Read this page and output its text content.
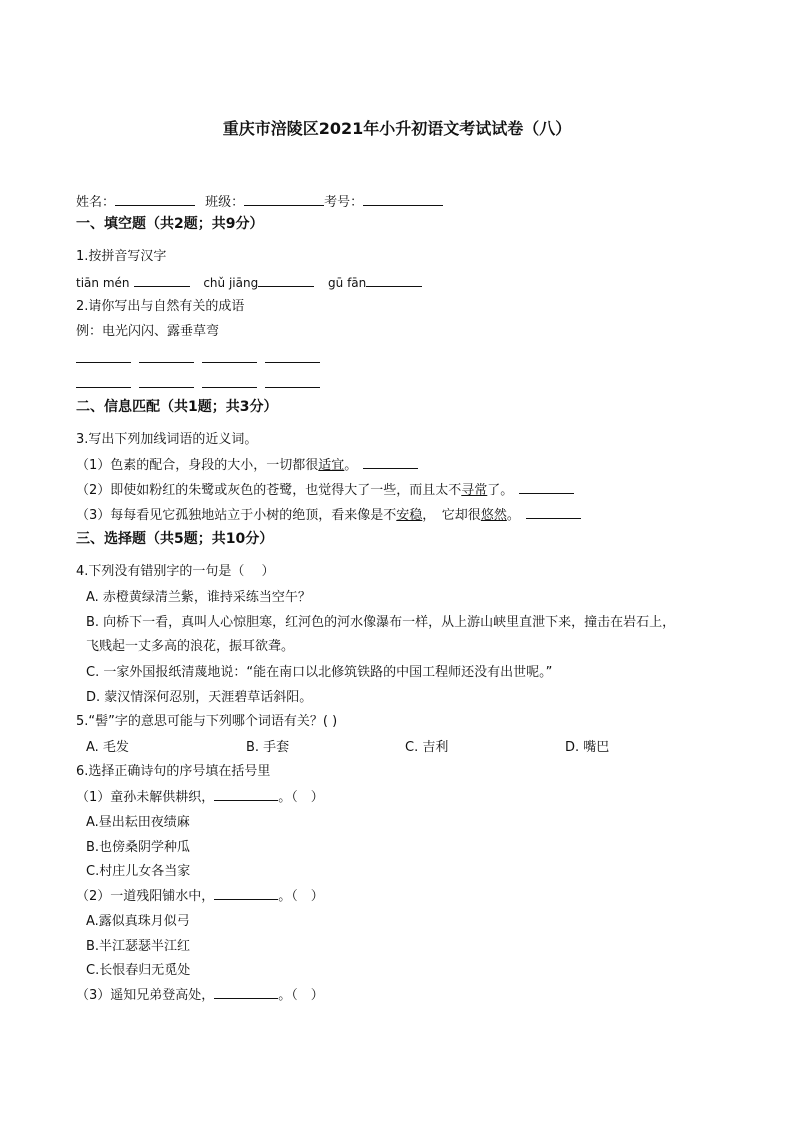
重庆市涪陵区2021年小升初语文考试试卷（八）
姓名：	班级：	考号：
一、填空题（共2题；共9分）
1.按拼音写汉字
tiān mén	chǔ jiāng	gū fān
2.请你写出与自然有关的成语
例：电光闪闪、露垂草弯
二、信息匹配（共1题；共3分）
3.写出下列加线词语的近义词。
（1）色素的配合，身段的大小，一切都很适宜。
（2）即使如粉红的朱鹭或灰色的苍鹭，也觉得大了一些，而且太不寻常了。
（3）每每看见它孤独地站立于小树的绝顶，看来像是不安稳，　它却很悠然。
三、选择题（共5题；共10分）
4.下列没有错别字的一句是（　 ）
A. 赤橙黄绿清兰紫，谁持采练当空午？
B. 向桥下一看，真叫人心惊胆寒，红河色的河水像瀑布一样，从上游山峡里直泄下来，撞击在岩石上，
飞贱起一丈多高的浪花，振耳欲聋。
C. 一家外国报纸清蔑地说：“能在南口以北修筑铁路的中国工程师还没有出世呢。”
D. 蒙汉情深何忍别，天涯碧草话斜阳。
5.“髻”字的意思可能与下列哪个词语有关？( )
A. 毛发	B. 手套	C. 吉利	D. 嘴巴
6.选择正确诗句的序号填在括号里
（1）童孙未解供耕织，	。（　）
A.昼出耘田夜绩麻
B.也傍桑阴学种瓜
C.村庄儿女各当家
（2）一道残阳铺水中，	。（　）
A.露似真珠月似弓
B.半江瑟瑟半江红
C.长恨春归无觅处
（3）遥知兄弟登高处，	。（　）
